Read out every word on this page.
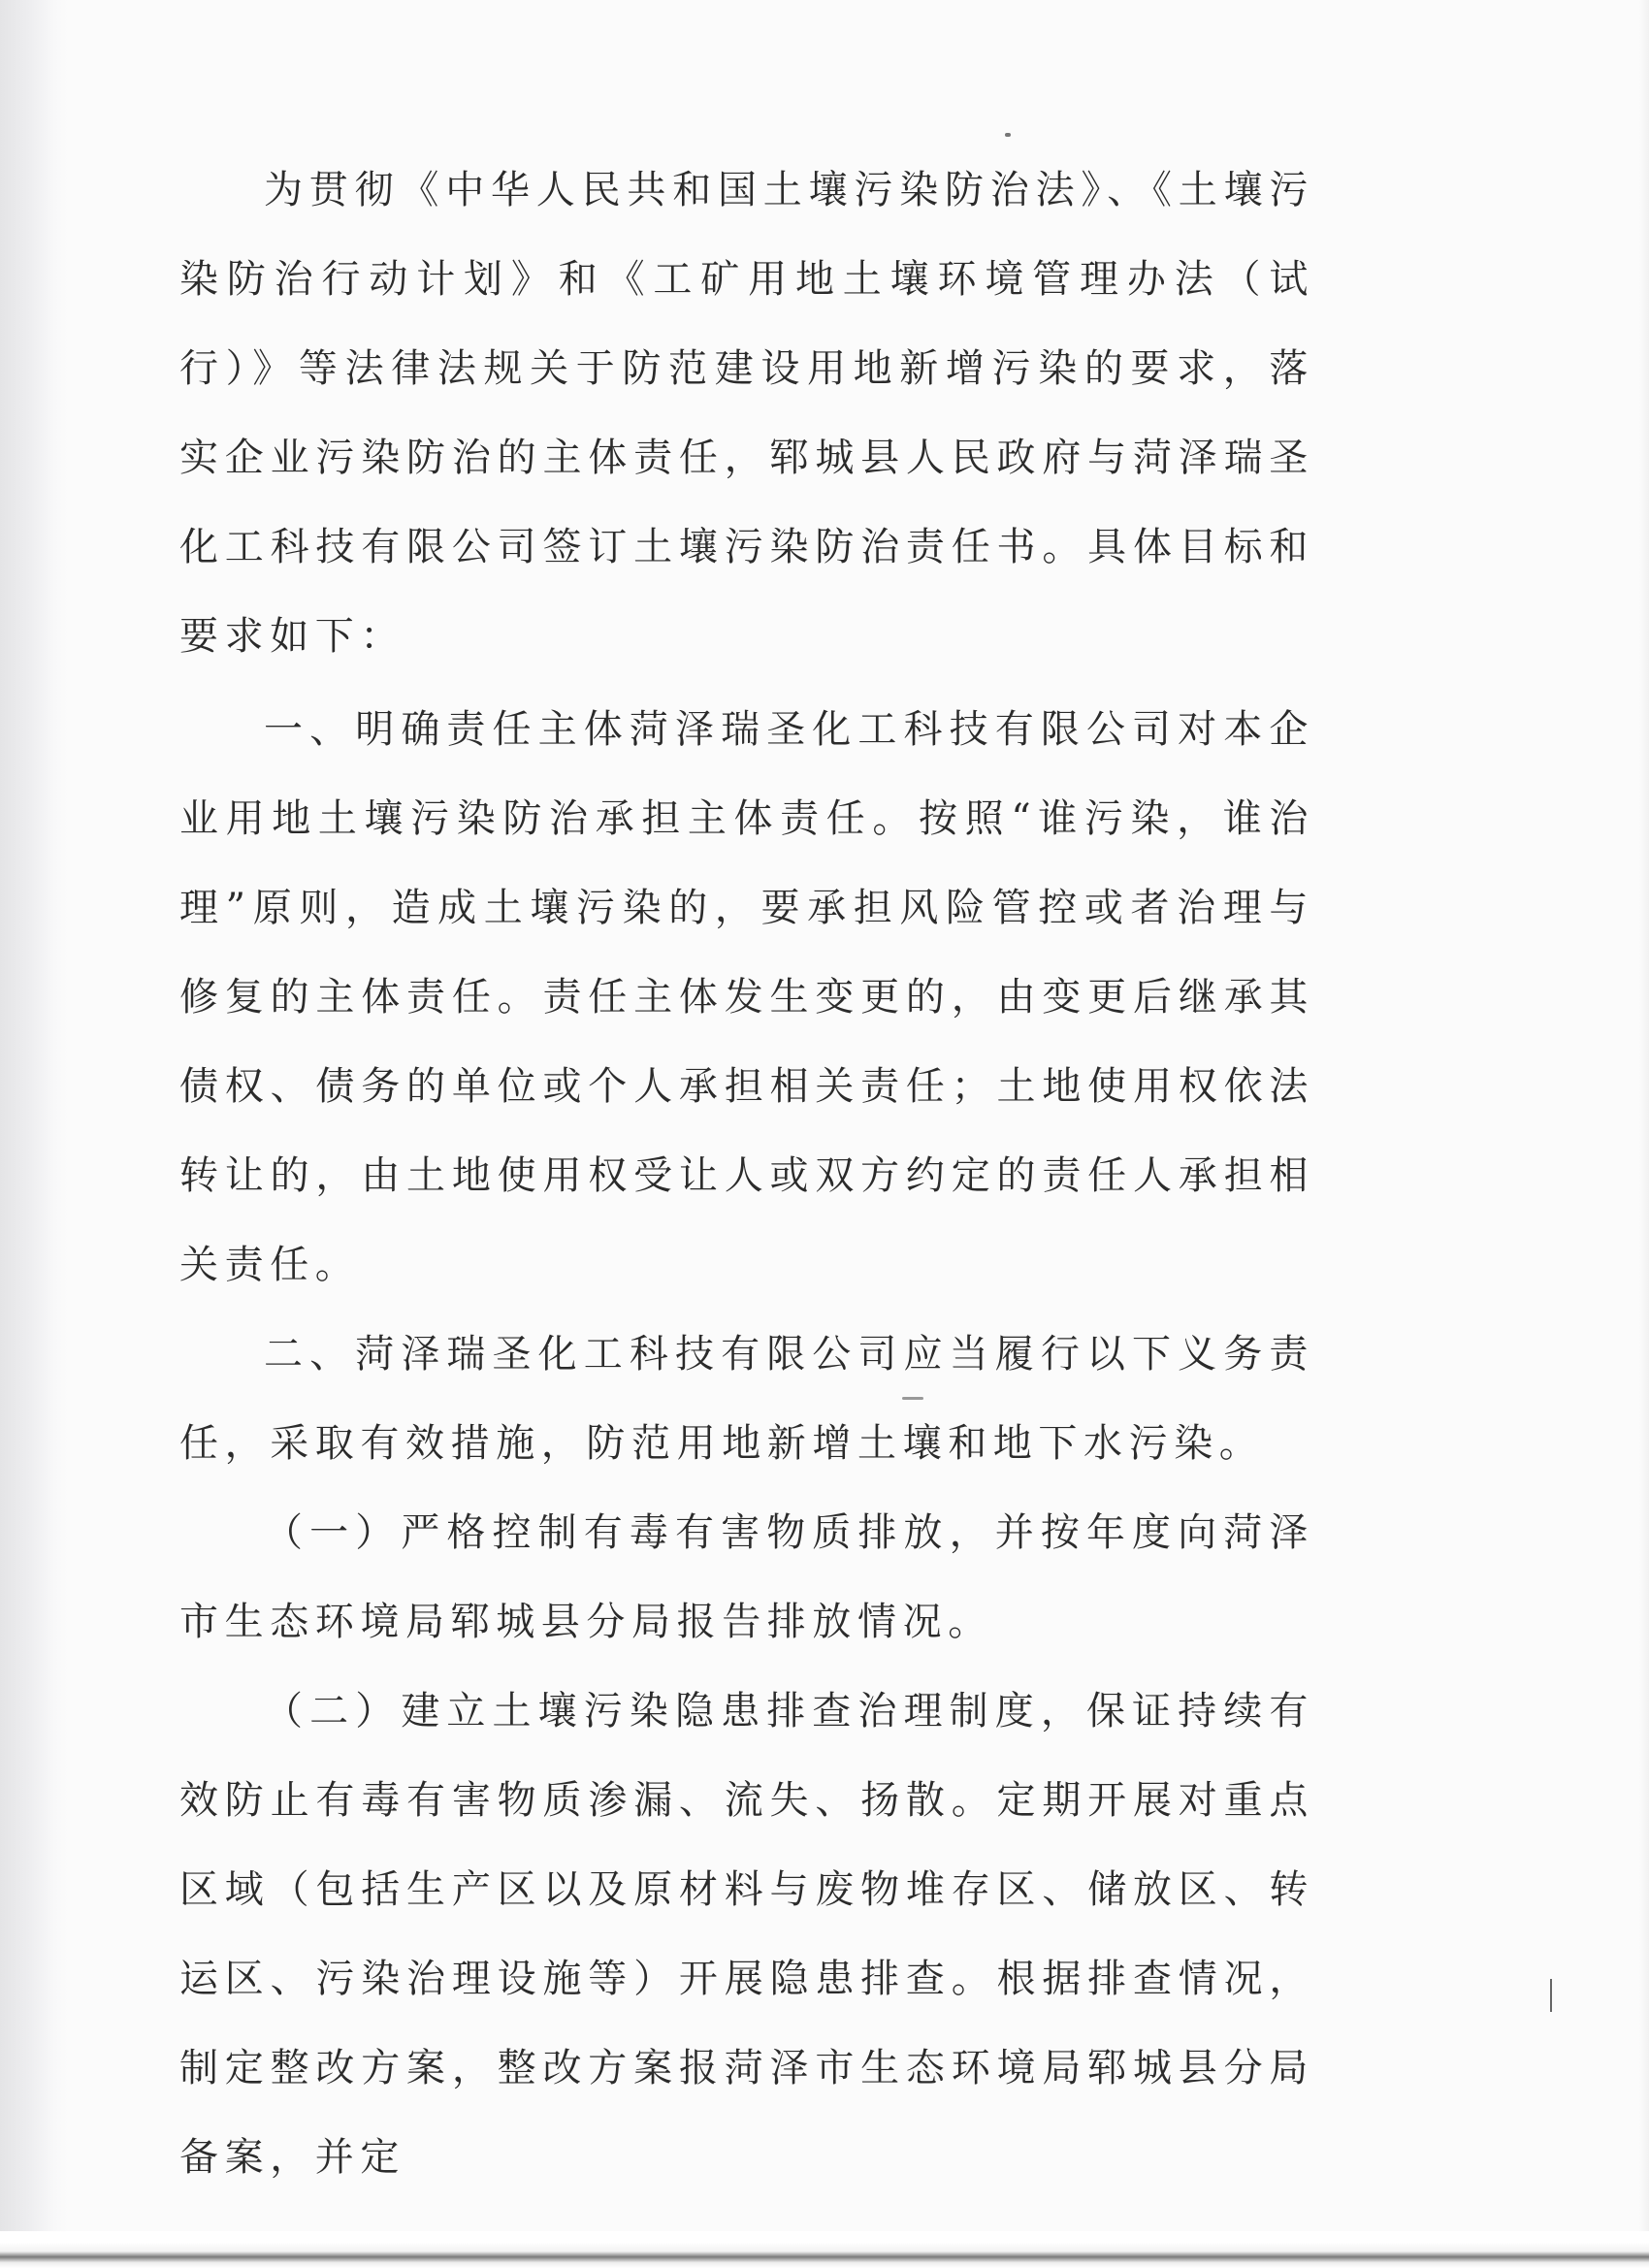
为贯彻《中华人民共和国土壤污染防治法》、《土壤污染防治行动计划》和《工矿用地土壤环境管理办法（试行）》等法律法规关于防范建设用地新增污染的要求，落实企业污染防治的主体责任，郓城县人民政府与菏泽瑞圣化工科技有限公司签订土壤污染防治责任书。具体目标和要求如下：

一、明确责任主体菏泽瑞圣化工科技有限公司对本企业用地土壤污染防治承担主体责任。按照“谁污染，谁治理”原则，造成土壤污染的，要承担风险管控或者治理与修复的主体责任。责任主体发生变更的，由变更后继承其债权、债务的单位或个人承担相关责任；土地使用权依法转让的，由土地使用权受让人或双方约定的责任人承担相关责任。

二、菏泽瑞圣化工科技有限公司应当履行以下义务责任，采取有效措施，防范用地新增土壤和地下水污染。

（一）严格控制有毒有害物质排放，并按年度向菏泽市生态环境局郓城县分局报告排放情况。

（二）建立土壤污染隐患排查治理制度，保证持续有效防止有毒有害物质渗漏、流失、扬散。定期开展对重点区域（包括生产区以及原材料与废物堆存区、储放区、转运区、污染治理设施等）开展隐患排查。根据排查情况，制定整改方案，整改方案报菏泽市生态环境局郓城县分局备案，并定
